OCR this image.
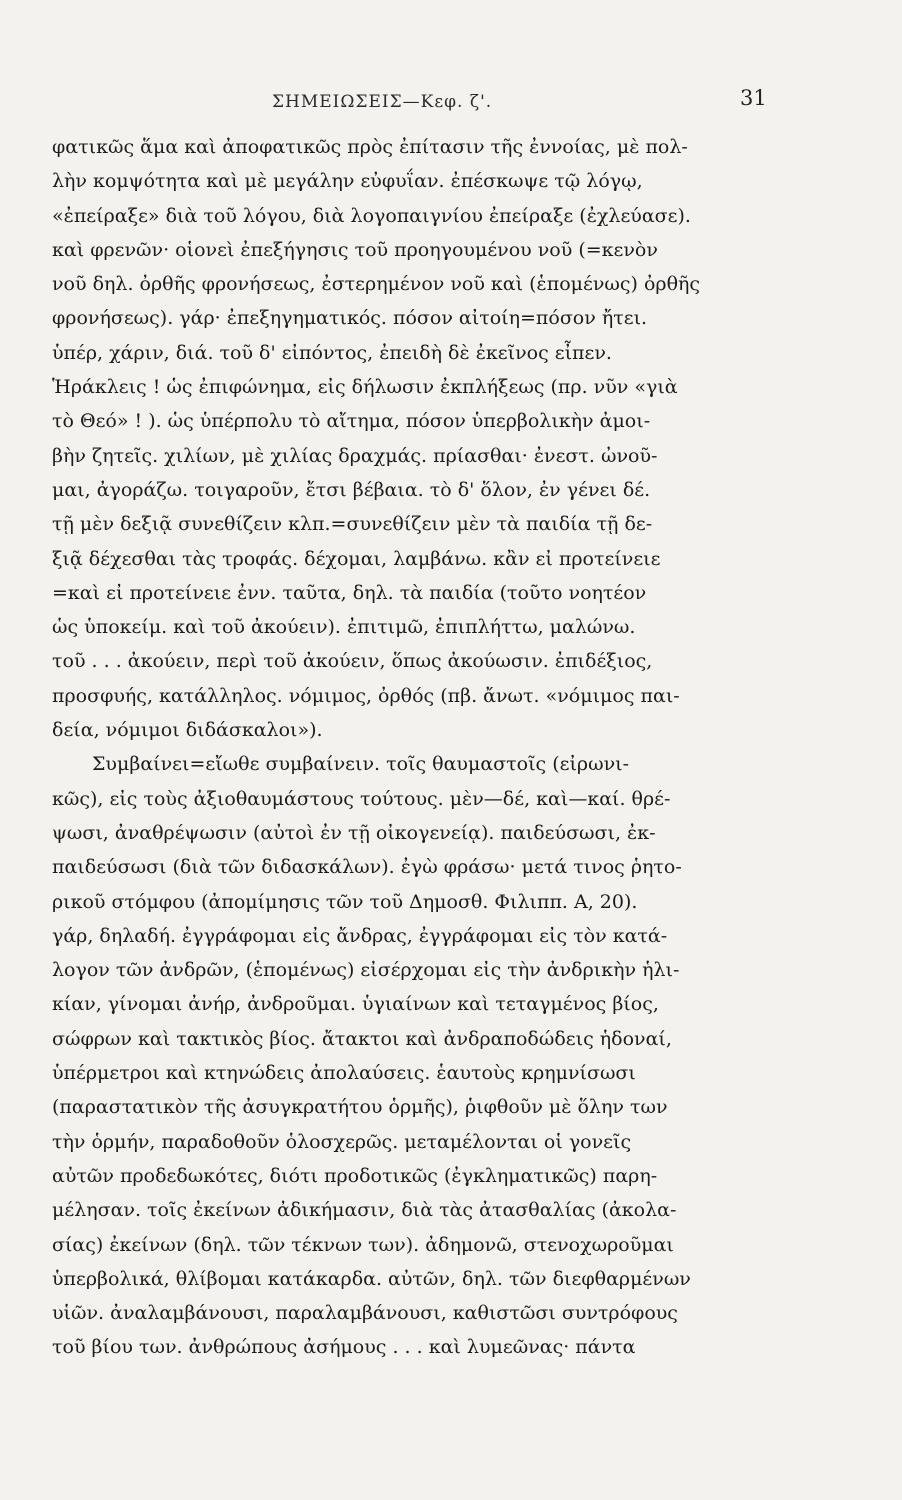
ΣΗΜΕΙΩΣΕΙΣ—Κεφ. ζ'.	31
φατικῶς ἅμα καὶ ἀποφατικῶς πρὸς ἐπίτασιν τῆς ἐννοίας, μὲ πολ-
λὴν κομψότητα καὶ μὲ μεγάλην εὐφυΐαν. ἐπέσκωψε τῷ λόγῳ,
«ἐπείραξε» διὰ τοῦ λόγου, διὰ λογοπαιγνίου ἐπείραξε (ἐχλεύασε).
καὶ φρενῶν· οἱονεὶ ἐπεξήγησις τοῦ προηγουμένου νοῦ (=κενὸν
νοῦ δηλ. ὀρθῆς φρονήσεως, ἐστερημένον νοῦ καὶ (ἑπομένως) ὀρθῆς
φρονήσεως). γάρ· ἐπεξηγηματικός. πόσον αἰτοίη=πόσον ἤτει.
ὑπέρ, χάριν, διά. τοῦ δ' εἰπόντος, ἐπειδὴ δὲ ἐκεῖνος εἶπεν.
Ἡράκλεις ! ὡς ἐπιφώνημα, εἰς δήλωσιν ἐκπλήξεως (πρ. νῦν «γιὰ
τὸ Θεό» ! ). ὡς ὑπέρπολυ τὸ αἴτημα, πόσον ὑπερβολικὴν ἀμοι-
βὴν ζητεῖς. χιλίων, μὲ χιλίας δραχμάς. πρίασθαι· ἐνεστ. ὠνοῦ-
μαι, ἀγοράζω. τοιγαροῦν, ἔτσι βέβαια. τὸ δ' ὅλον, ἐν γένει δέ.
τῇ μὲν δεξιᾷ συνεθίζειν κλπ.=συνεθίζειν μὲν τὰ παιδία τῇ δε-
ξιᾷ δέχεσθαι τὰς τροφάς. δέχομαι, λαμβάνω. κἂν εἰ προτείνειε
=καὶ εἰ προτείνειε ἐνν. ταῦτα, δηλ. τὰ παιδία (τοῦτο νοητέον
ὡς ὑποκείμ. καὶ τοῦ ἀκούειν). ἐπιτιμῶ, ἐπιπλήττω, μαλώνω.
τοῦ . . . ἀκούειν, περὶ τοῦ ἀκούειν, ὅπως ἀκούωσιν. ἐπιδέξιος,
προσφυής, κατάλληλος. νόμιμος, ὀρθός (πβ. ἄνωτ. «νόμιμος παι-
δεία, νόμιμοι διδάσκαλοι»).
Συμβαίνει=εἴωθε συμβαίνειν. τοῖς θαυμαστοῖς (εἰρωνι-
κῶς), εἰς τοὺς ἀξιοθαυμάστους τούτους. μὲν—δέ, καὶ—καί. θρέ-
ψωσι, ἀναθρέψωσιν (αὐτοὶ ἐν τῇ οἰκογενείᾳ). παιδεύσωσι, ἐκ-
παιδεύσωσι (διὰ τῶν διδασκάλων). ἐγὼ φράσω· μετά τινος ῥητο-
ρικοῦ στόμφου (ἀπομίμησις τῶν τοῦ Δημοσθ. Φιλιππ. Α, 20).
γάρ, δηλαδή. ἐγγράφομαι εἰς ἄνδρας, ἐγγράφομαι εἰς τὸν κατά-
λογον τῶν ἀνδρῶν, (ἑπομένως) εἰσέρχομαι εἰς τὴν ἀνδρικὴν ἡλι-
κίαν, γίνομαι ἀνήρ, ἀνδροῦμαι. ὑγιαίνων καὶ τεταγμένος βίος,
σώφρων καὶ τακτικὸς βίος. ἄτακτοι καὶ ἀνδραποδώδεις ἡδοναί,
ὑπέρμετροι καὶ κτηνώδεις ἀπολαύσεις. ἑαυτοὺς κρημνίσωσι
(παραστατικὸν τῆς ἀσυγκρατήτου ὁρμῆς), ῥιφθοῦν μὲ ὅλην των
τὴν ὁρμήν, παραδοθοῦν ὁλοσχερῶς. μεταμέλονται οἱ γονεῖς
αὐτῶν προδεδωκότες, διότι προδοτικῶς (ἐγκληματικῶς) παρη-
μέλησαν. τοῖς ἐκείνων ἀδικήμασιν, διὰ τὰς ἀτασθαλίας (ἀκολα-
σίας) ἐκείνων (δηλ. τῶν τέκνων των). ἀδημονῶ, στενοχωροῦμαι
ὑπερβολικά, θλίβομαι κατάκαρδα. αὐτῶν, δηλ. τῶν διεφθαρμένων
υἱῶν. ἀναλαμβάνουσι, παραλαμβάνουσι, καθιστῶσι συντρόφους
τοῦ βίου των. ἀνθρώπους ἀσήμους . . . καὶ λυμεῶνας· πάντα
